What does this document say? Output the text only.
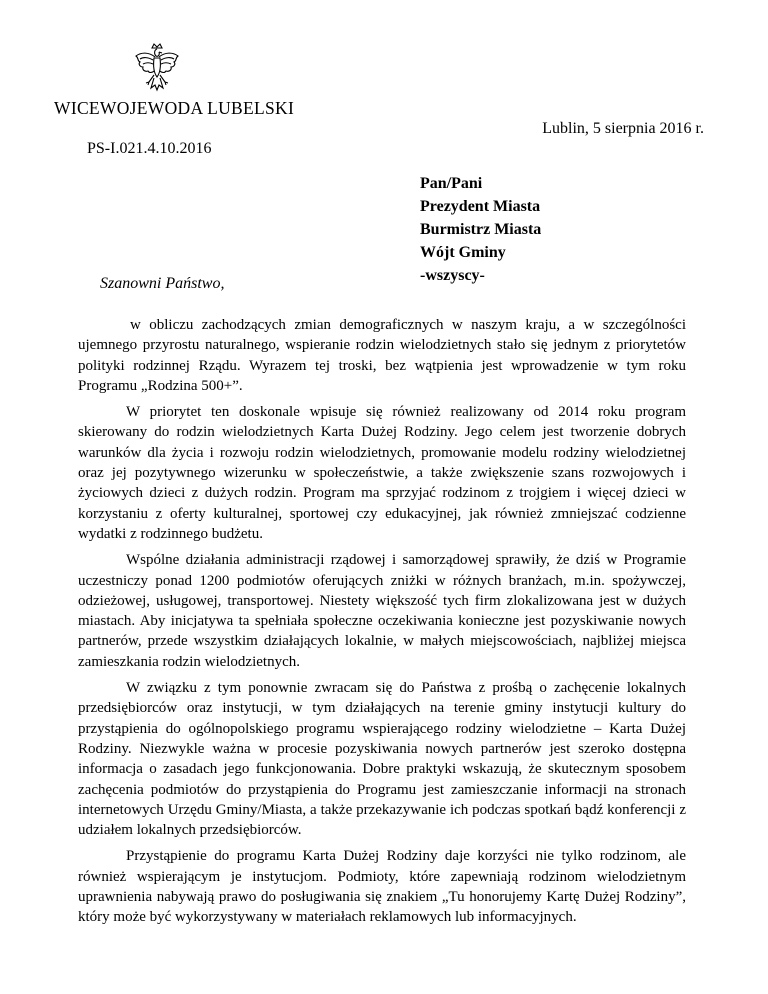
WICEWOJEWODA LUBELSKI
Lublin, 5 sierpnia 2016 r.
PS-I.021.4.10.2016
Pan/Pani
Prezydent Miasta
Burmistrz Miasta
Wójt Gminy
-wszyscy-
Szanowni Państwo,

w obliczu zachodzących zmian demograficznych w naszym kraju, a w szczególności ujemnego przyrostu naturalnego, wspieranie rodzin wielodzietnych stało się jednym z priorytetów polityki rodzinnej Rządu. Wyrazem tej troski, bez wątpienia jest wprowadzenie w tym roku Programu „Rodzina 500+”.

W priorytet ten doskonale wpisuje się również realizowany od 2014 roku program skierowany do rodzin wielodzietnych Karta Dużej Rodziny. Jego celem jest tworzenie dobrych warunków dla życia i rozwoju rodzin wielodzietnych, promowanie modelu rodziny wielodzietnej oraz jej pozytywnego wizerunku w społeczeństwie, a także zwiększenie szans rozwojowych i życiowych dzieci z dużych rodzin. Program ma sprzyjać rodzinom z trojgiem i więcej dzieci w korzystaniu z oferty kulturalnej, sportowej czy edukacyjnej, jak również zmniejszać codzienne wydatki z rodzinnego budżetu.

Wspólne działania administracji rządowej i samorządowej sprawiły, że dziś w Programie uczestniczy ponad 1200 podmiotów oferujących zniżki w różnych branżach, m.in. spożywczej, odzieżowej, usługowej, transportowej. Niestety większość tych firm zlokalizowana jest w dużych miastach. Aby inicjatywa ta spełniała społeczne oczekiwania konieczne jest pozyskiwanie nowych partnerów, przede wszystkim działających lokalnie, w małych miejscowościach, najbliżej miejsca zamieszkania rodzin wielodzietnych.

W związku z tym ponownie zwracam się do Państwa z prośbą o zachęcenie lokalnych przedsiębiorców oraz instytucji, w tym działających na terenie gminy instytucji kultury do przystąpienia do ogólnopolskiego programu wspierającego rodziny wielodzietne – Karta Dużej Rodziny. Niezwykle ważna w procesie pozyskiwania nowych partnerów jest szeroko dostępna informacja o zasadach jego funkcjonowania. Dobre praktyki wskazują, że skutecznym sposobem zachęcenia podmiotów do przystąpienia do Programu jest zamieszczanie informacji na stronach internetowych Urzędu Gminy/Miasta, a także przekazywanie ich podczas spotkań bądź konferencji z udziałem lokalnych przedsiębiorców.

Przystąpienie do programu Karta Dużej Rodziny daje korzyści nie tylko rodzinom, ale również wspierającym je instytucjom. Podmioty, które zapewniają rodzinom wielodzietnym uprawnienia nabywają prawo do posługiwania się znakiem „Tu honorujemy Kartę Dużej Rodziny”, który może być wykorzystywany w materiałach reklamowych lub informacyjnych.
